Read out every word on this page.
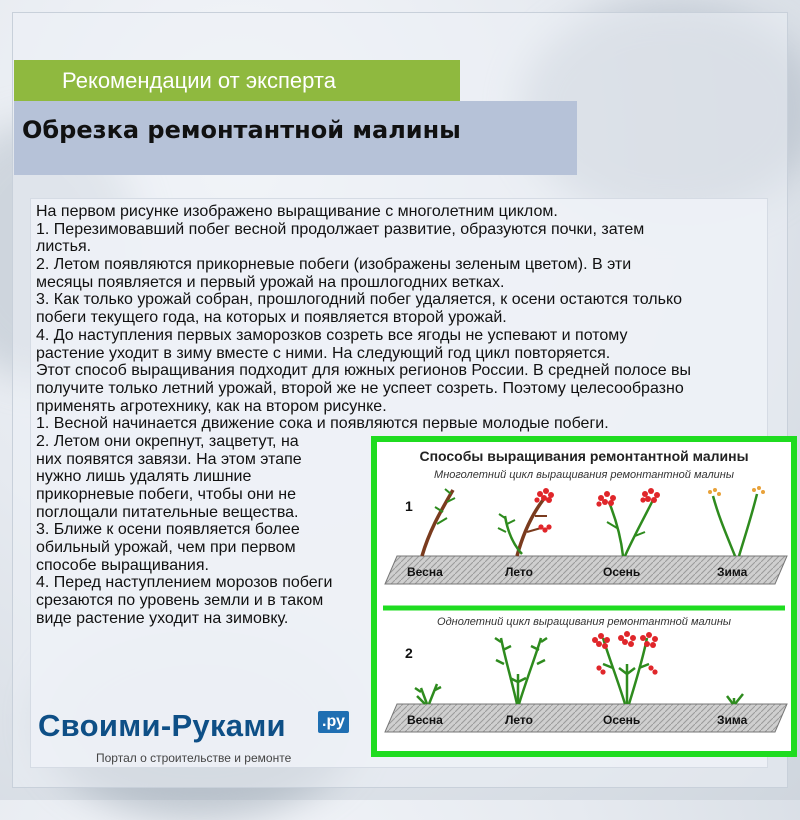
Рекомендации от эксперта
Обрезка ремонтантной малины
На первом рисунке изображено выращивание с многолетним циклом.
1. Перезимовавший побег весной продолжает развитие, образуются почки, затем
листья.
2. Летом появляются прикорневые побеги (изображены зеленым цветом). В эти
месяцы появляется и первый урожай на прошлогодних ветках.
3. Как только урожай собран, прошлогодний побег удаляется, к осени остаются только
побеги текущего года, на которых и появляется второй урожай.
4. До наступления первых заморозков созреть все ягоды не успевают и потому
растение уходит в зиму вместе с ними. На следующий год цикл повторяется.
Этот способ выращивания подходит для южных регионов России. В средней полосе вы
получите только летний урожай, второй же не успеет созреть. Поэтому целесообразно
применять агротехнику, как на втором рисунке.
1. Весной начинается движение сока и появляются первые молодые побеги.
2. Летом они окрепнут, зацветут, на
них появятся завязи. На этом этапе
нужно лишь удалять лишние
прикорневые побеги, чтобы они не
поглощали питательные вещества.
3. Ближе к осени появляется более
обильный урожай, чем при первом
способе выращивания.
4. Перед наступлением морозов побеги
срезаются по уровень земли и в таком
виде растение уходит на зимовку.
Способы выращивания ремонтантной малины
Многолетний цикл выращивания ремонтантной малины
1
Весна	Лето	Осень	Зима
Однолетний цикл выращивания ремонтантной малины
2
Весна	Лето	Осень	Зима
Своими-Руками .ру
Портал о строительстве и ремонте
